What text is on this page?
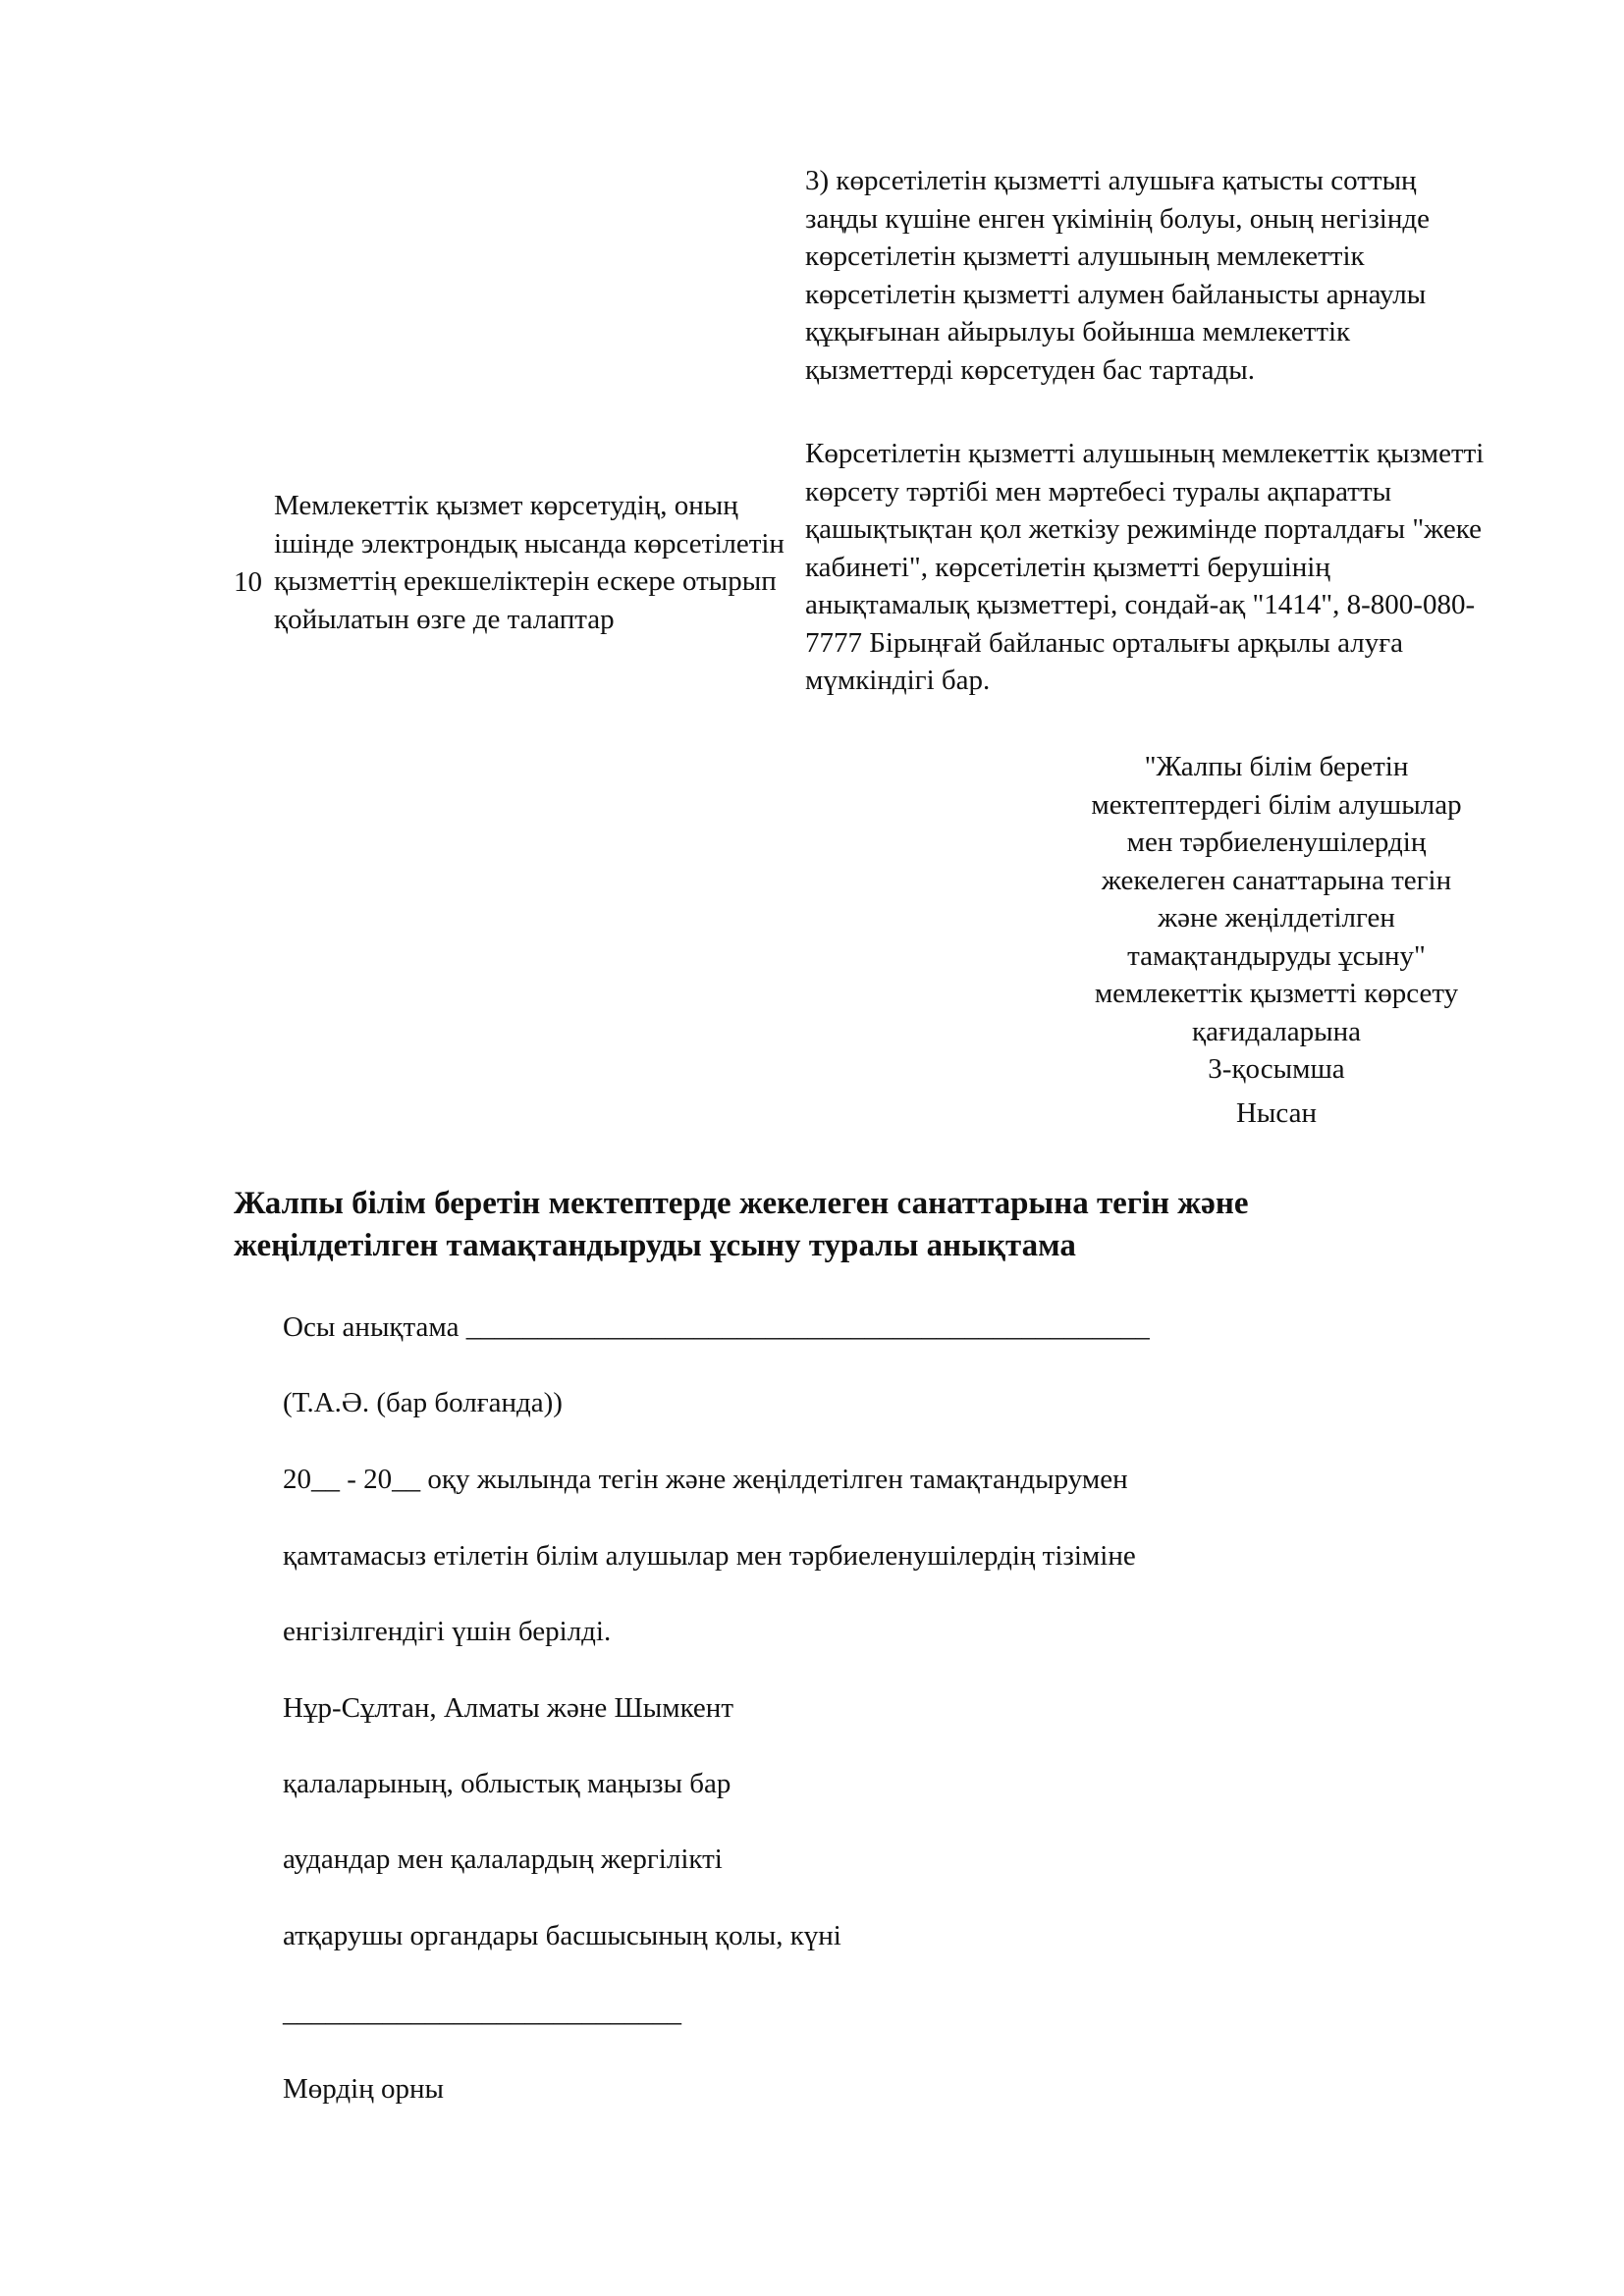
10
Мемлекеттік қызмет көрсетудің, оның ішінде электрондық нысанда көрсетілетін қызметтің ерекшеліктерін ескере отырып қойылатын өзге де талаптар

3) көрсетілетін қызметті алушыға қатысты соттың заңды күшіне енген үкімінің болуы, оның негізінде көрсетілетін қызметті алушының мемлекеттік көрсетілетін қызметті алумен байланысты арнаулы құқығынан айырылуы бойынша мемлекеттік қызметтерді көрсетуден бас тартады.

Көрсетілетін қызметті алушының мемлекеттік қызметті көрсету тәртібі мен мәртебесі туралы ақпаратты қашықтықтан қол жеткізу режимінде порталдағы "жеке кабинеті", көрсетілетін қызметті берушінің анықтамалық қызметтері, сондай-ақ "1414", 8-800-080-7777 Бірыңғай байланыс орталығы арқылы алуға мүмкіндігі бар.

"Жалпы білім беретін
мектептердегі білім алушылар
мен тәрбиеленушілердің
жекелеген санаттарына тегін
және жеңілдетілген
тамақтандыруды ұсыну"
мемлекеттік қызметті көрсету
қағидаларына
3-қосымша
Нысан
Жалпы білім беретін мектептерде жекелеген санаттарына тегін және
жеңілдетілген тамақтандыруды ұсыну туралы анықтама
Осы анықтама ________________________________________________
(Т.А.Ә. (бар болғанда))
20__ - 20__ оқу жылында тегін және жеңілдетілген тамақтандырумен
қамтамасыз етілетін білім алушылар мен тәрбиеленушілердің тізіміне
енгізілгендігі үшін берілді.
Нұр-Сұлтан, Алматы және Шымкент
қалаларының, облыстық маңызы бар
аудандар мен қалалардың жергілікті
атқарушы органдары басшысының қолы, күні
____________________________
Мөрдің орны
